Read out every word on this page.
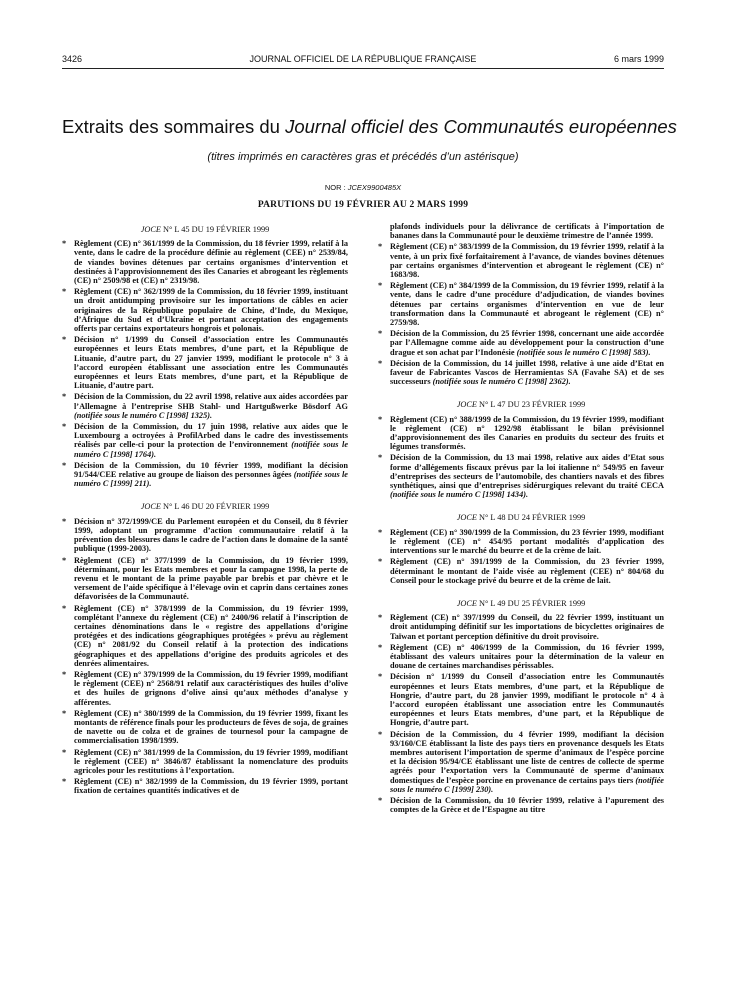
3426	JOURNAL OFFICIEL DE LA RÉPUBLIQUE FRANÇAISE	6 mars 1999
Extraits des sommaires du Journal officiel des Communautés européennes
(titres imprimés en caractères gras et précédés d’un astérisque)
NOR : JCEX9900485X
PARUTIONS DU 19 FÉVRIER AU 2 MARS 1999
JOCE N° L 45 DU 19 FÉVRIER 1999
* Règlement (CE) n° 361/1999 de la Commission, du 18 février 1999, relatif à la vente, dans le cadre de la procédure définie au règlement (CEE) n° 2539/84, de viandes bovines détenues par certains organismes d’intervention et destinées à l’approvisionnement des îles Canaries et abrogeant les règlements (CE) n° 2509/98 et (CE) n° 2319/98.
* Règlement (CE) n° 362/1999 de la Commission, du 18 février 1999, instituant un droit antidumping provisoire sur les importations de câbles en acier originaires de la République populaire de Chine, d’Inde, du Mexique, d’Afrique du Sud et d’Ukraine et portant acceptation des engagements offerts par certains exportateurs hongrois et polonais.
* Décision n° 1/1999 du Conseil d’association entre les Communautés européennes et leurs Etats membres, d’une part, et la République de Lituanie, d’autre part, du 27 janvier 1999, modifiant le protocole n° 3 à l’accord européen établissant une association entre les Communautés européennes et leurs Etats membres, d’une part, et la République de Lituanie, d’autre part.
* Décision de la Commission, du 22 avril 1998, relative aux aides accordées par l’Allemagne à l’entreprise SHB Stahl- und Hartgußwerke Bösdorf AG (notifiée sous le numéro C [1998] 1325).
* Décision de la Commission, du 17 juin 1998, relative aux aides que le Luxembourg a octroyées à ProfilArbed dans le cadre des investissements réalisés par celle-ci pour la protection de l’environnement (notifiée sous le numéro C [1998] 1764).
* Décision de la Commission, du 10 février 1999, modifiant la décision 91/544/CEE relative au groupe de liaison des personnes âgées (notifiée sous le numéro C [1999] 211).
JOCE N° L 46 DU 20 FÉVRIER 1999
* Décision n° 372/1999/CE du Parlement européen et du Conseil, du 8 février 1999, adoptant un programme d’action communautaire relatif à la prévention des blessures dans le cadre de l’action dans le domaine de la santé publique (1999-2003).
* Règlement (CE) n° 377/1999 de la Commission, du 19 février 1999, déterminant, pour les Etats membres et pour la campagne 1998, la perte de revenu et le montant de la prime payable par brebis et par chèvre et le versement de l’aide spécifique à l’élevage ovin et caprin dans certaines zones défavorisées de la Communauté.
* Règlement (CE) n° 378/1999 de la Commission, du 19 février 1999, complétant l’annexe du règlement (CE) n° 2400/96 relatif à l’inscription de certaines dénominations dans le « registre des appellations d’origine protégées et des indications géographiques protégées » prévu au règlement (CE) n° 2081/92 du Conseil relatif à la protection des indications géographiques et des appellations d’origine des produits agricoles et des denrées alimentaires.
* Règlement (CE) n° 379/1999 de la Commission, du 19 février 1999, modifiant le règlement (CEE) n° 2568/91 relatif aux caractéristiques des huiles d’olive et des huiles de grignons d’olive ainsi qu’aux méthodes d’analyse y afférentes.
* Règlement (CE) n° 380/1999 de la Commission, du 19 février 1999, fixant les montants de référence finals pour les producteurs de fèves de soja, de graines de navette ou de colza et de graines de tournesol pour la campagne de commercialisation 1998/1999.
* Règlement (CE) n° 381/1999 de la Commission, du 19 février 1999, modifiant le règlement (CEE) n° 3846/87 établissant la nomenclature des produits agricoles pour les restitutions à l’exportation.
* Règlement (CE) n° 382/1999 de la Commission, du 19 février 1999, portant fixation de certaines quantités indicatives et de
plafonds individuels pour la délivrance de certificats à l’importation de bananes dans la Communauté pour le deuxième trimestre de l’année 1999.
* Règlement (CE) n° 383/1999 de la Commission, du 19 février 1999, relatif à la vente, à un prix fixé forfaitairement à l’avance, de viandes bovines détenues par certains organismes d’intervention et abrogeant le règlement (CE) n° 1683/98.
* Règlement (CE) n° 384/1999 de la Commission, du 19 février 1999, relatif à la vente, dans le cadre d’une procédure d’adjudication, de viandes bovines détenues par certains organismes d’intervention en vue de leur transformation dans la Communauté et abrogeant le règlement (CE) n° 2759/98.
* Décision de la Commission, du 25 février 1998, concernant une aide accordée par l’Allemagne comme aide au développement pour la construction d’une drague et son achat par l’Indonésie (notifiée sous le numéro C [1998] 583).
* Décision de la Commission, du 14 juillet 1998, relative à une aide d’Etat en faveur de Fabricantes Vascos de Herramientas SA (Favahe SA) et de ses successeurs (notifiée sous le numéro C [1998] 2362).
JOCE N° L 47 DU 23 FÉVRIER 1999
* Règlement (CE) n° 388/1999 de la Commission, du 19 février 1999, modifiant le règlement (CE) n° 1292/98 établissant le bilan prévisionnel d’approvisionnement des îles Canaries en produits du secteur des fruits et légumes transformés.
* Décision de la Commission, du 13 mai 1998, relative aux aides d’Etat sous forme d’allégements fiscaux prévus par la loi italienne n° 549/95 en faveur d’entreprises des secteurs de l’automobile, des chantiers navals et des fibres synthétiques, ainsi que d’entreprises sidérurgiques relevant du traité CECA (notifiée sous le numéro C [1998] 1434).
JOCE N° L 48 DU 24 FÉVRIER 1999
* Règlement (CE) n° 390/1999 de la Commission, du 23 février 1999, modifiant le règlement (CE) n° 454/95 portant modalités d’application des interventions sur le marché du beurre et de la crème de lait.
* Règlement (CE) n° 391/1999 de la Commission, du 23 février 1999, déterminant le montant de l’aide visée au règlement (CEE) n° 804/68 du Conseil pour le stockage privé du beurre et de la crème de lait.
JOCE N° L 49 DU 25 FÉVRIER 1999
* Règlement (CE) n° 397/1999 du Conseil, du 22 février 1999, instituant un droit antidumping définitif sur les importations de bicyclettes originaires de Taïwan et portant perception définitive du droit provisoire.
* Règlement (CE) n° 406/1999 de la Commission, du 16 février 1999, établissant des valeurs unitaires pour la détermination de la valeur en douane de certaines marchandises périssables.
* Décision n° 1/1999 du Conseil d’association entre les Communautés européennes et leurs Etats membres, d’une part, et la République de Hongrie, d’autre part, du 28 janvier 1999, modifiant le protocole n° 4 à l’accord européen établissant une association entre les Communautés européennes et leurs Etats membres, d’une part, et la République de Hongrie, d’autre part.
* Décision de la Commission, du 4 février 1999, modifiant la décision 93/160/CE établissant la liste des pays tiers en provenance desquels les Etats membres autorisent l’importation de sperme d’animaux de l’espèce porcine et la décision 95/94/CE établissant une liste de centres de collecte de sperme agréés pour l’exportation vers la Communauté de sperme d’animaux domestiques de l’espèce porcine en provenance de certains pays tiers (notifiée sous le numéro C [1999] 230).
* Décision de la Commission, du 10 février 1999, relative à l’apurement des comptes de la Grèce et de l’Espagne au titre
